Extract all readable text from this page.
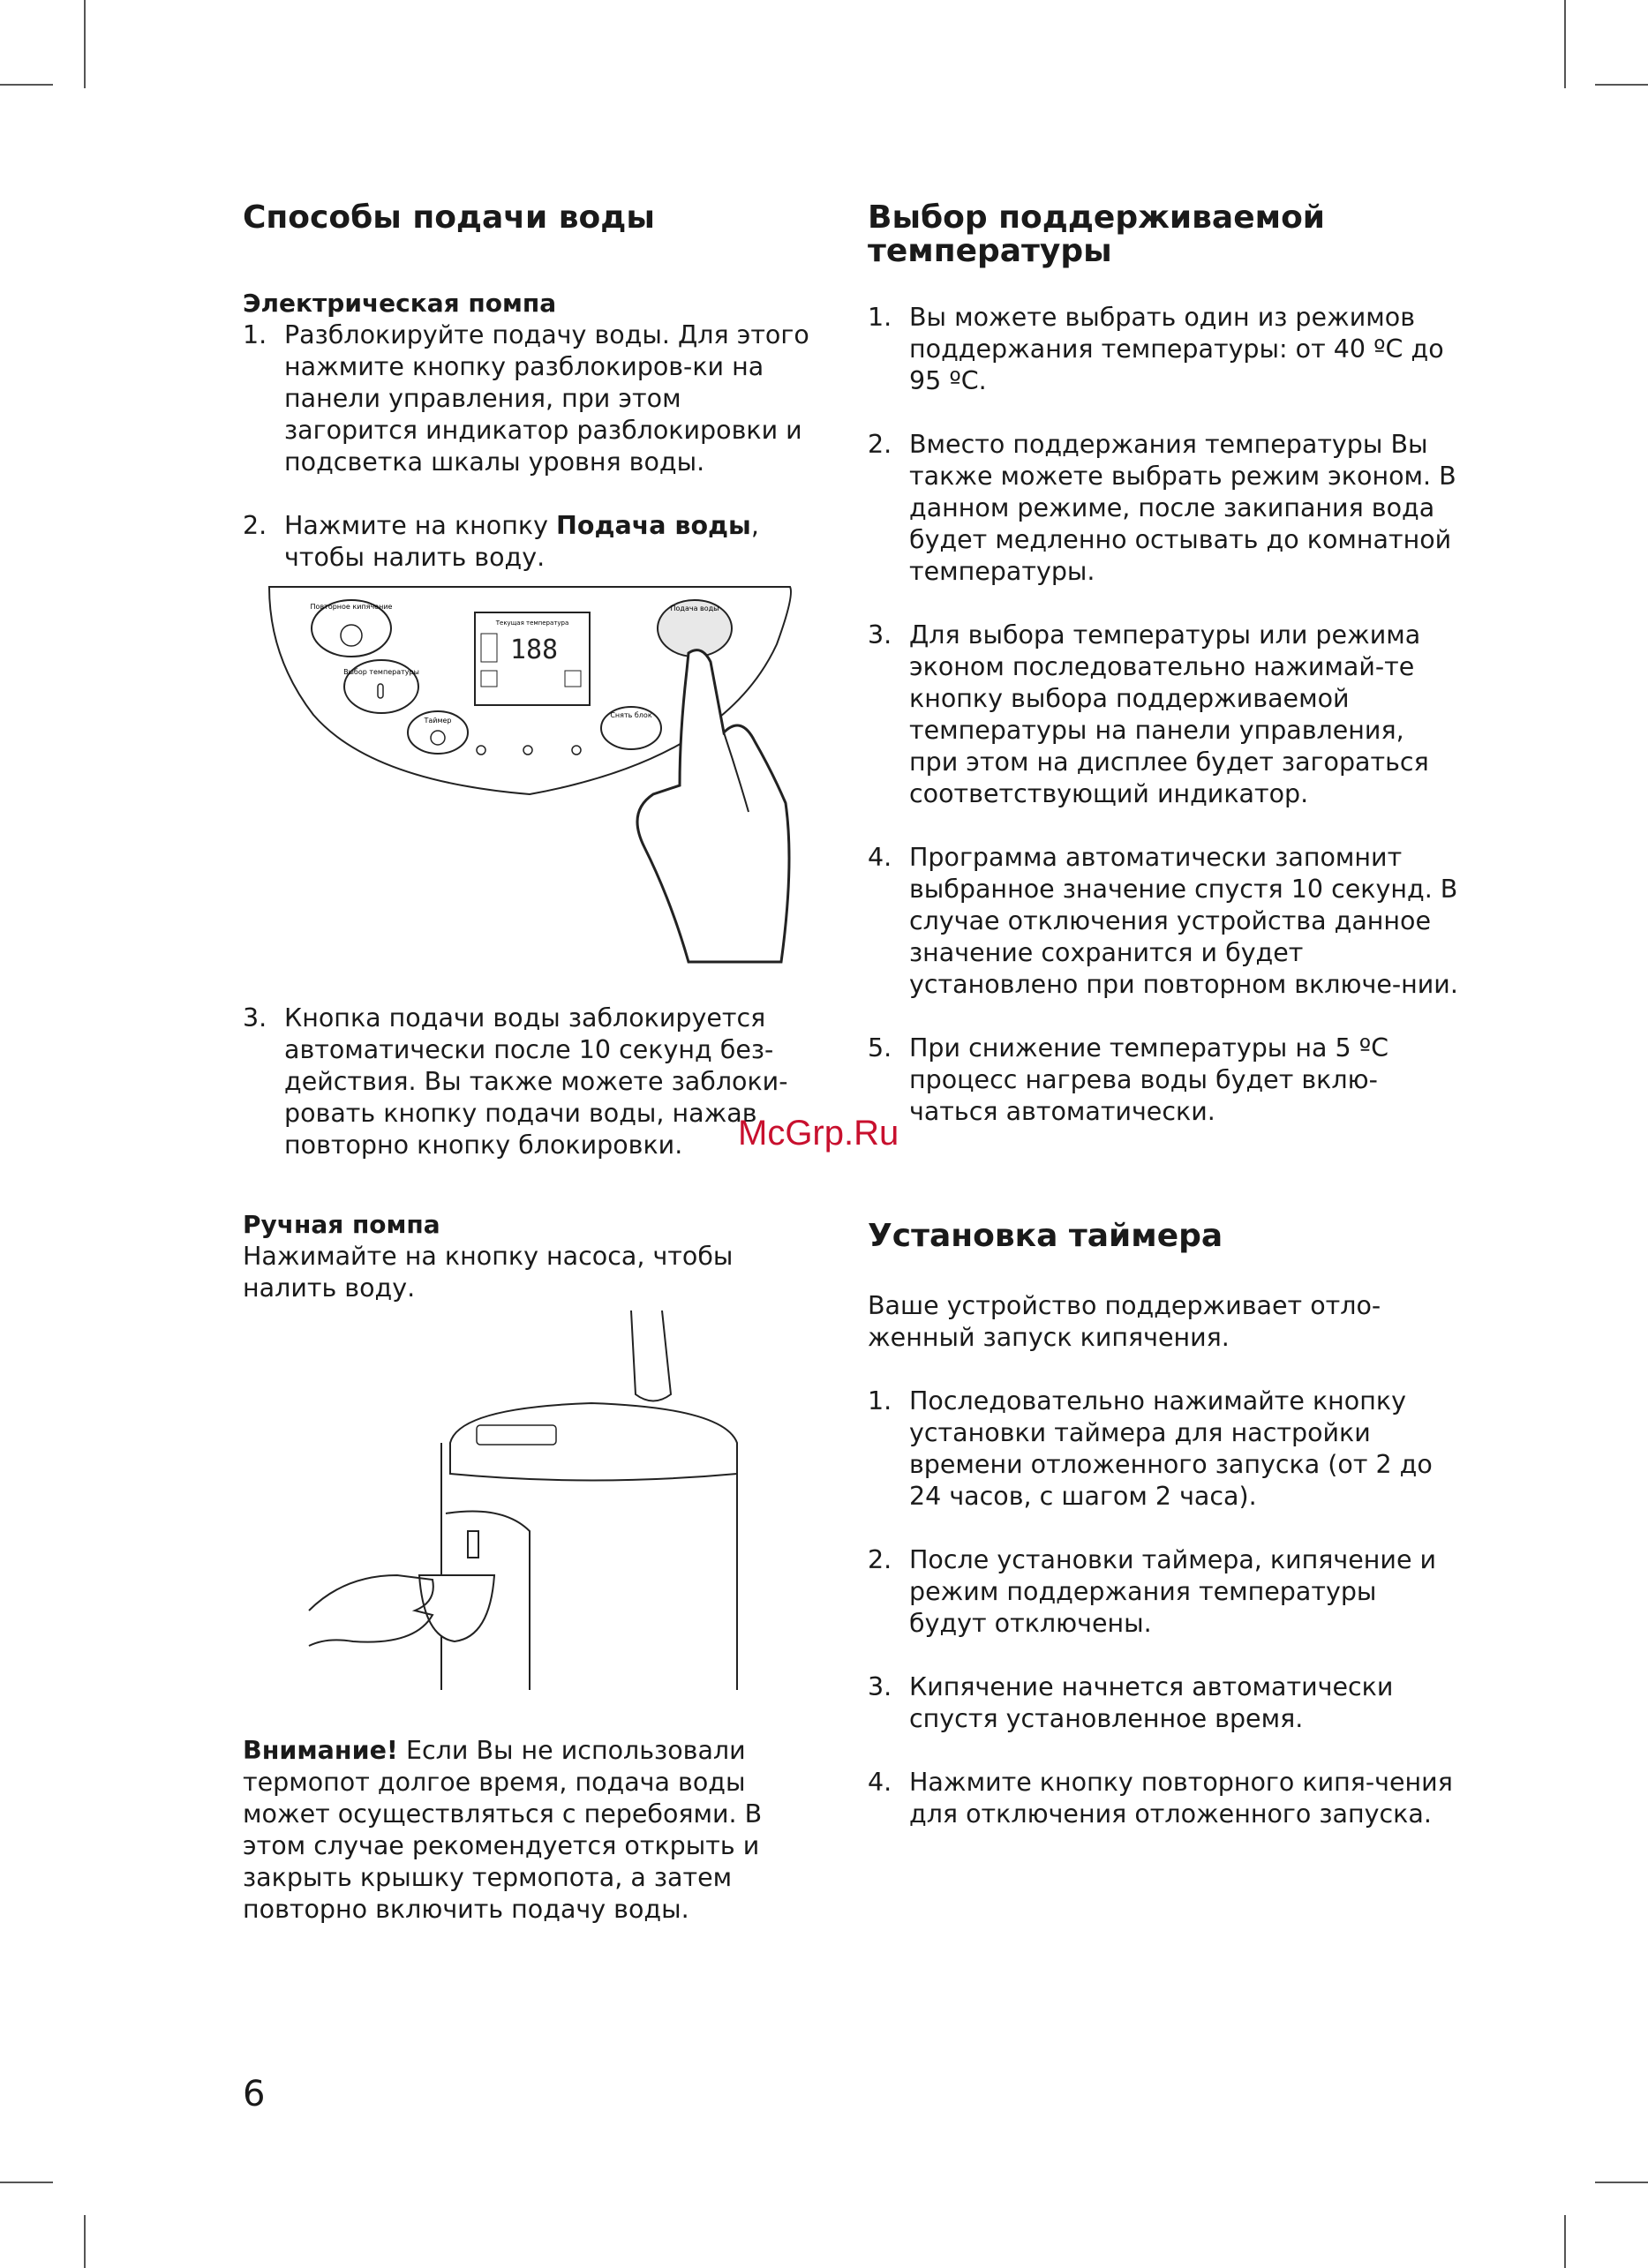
Способы подачи воды
Электрическая помпа
1. Разблокируйте подачу воды. Для этого нажмите кнопку разблокиров-ки на панели управления, при этом загорится индикатор разблокировки и подсветка шкалы уровня воды.
2. Нажмите на кнопку Подача воды, чтобы налить воду.
Повторное кипячение
Выбор температуры
Таймер
Текущая температура
188
Снять блок
Подача воды
3. Кнопка подачи воды заблокируется автоматически после 10 секунд без-действия. Вы также можете заблоки-ровать кнопку подачи воды, нажав повторно кнопку блокировки.
Ручная помпа

Нажимайте на кнопку насоса, чтобы налить воду.

Внимание! Если Вы не использовали термопот долгое время, подача воды может осуществляться с перебоями. В этом случае рекомендуется открыть и закрыть крышку термопота, а затем повторно включить подачу воды.

Выбор поддерживаемой температуры
1. Вы можете выбрать один из режимов поддержания температуры: от 40 ºС до 95 ºС.
2. Вместо поддержания температуры Вы также можете выбрать режим эконом. В данном режиме, после закипания вода будет медленно остывать до комнатной температуры.
3. Для выбора температуры или режима эконом последовательно нажимай-те кнопку выбора поддерживаемой температуры на панели управления, при этом на дисплее будет загораться соответствующий индикатор.
4. Программа автоматически запомнит выбранное значение спустя 10 секунд. В случае отключения устройства данное значение сохранится и будет установлено при повторном включе-нии.
5. При снижение температуры на 5 ºС процесс нагрева воды будет вклю-чаться автоматически.
Установка таймера

Ваше устройство поддерживает отло-женный запуск кипячения.

1. Последовательно нажимайте кнопку установки таймера для настройки времени отложенного запуска (от 2 до 24 часов, с шагом 2 часа).
2. После установки таймера, кипячение и режим поддержания температуры будут отключены.
3. Кипячение начнется автоматически спустя установленное время.
4. Нажмите кнопку повторного кипя-чения для отключения отложенного запуска.
McGrp.Ru
6
